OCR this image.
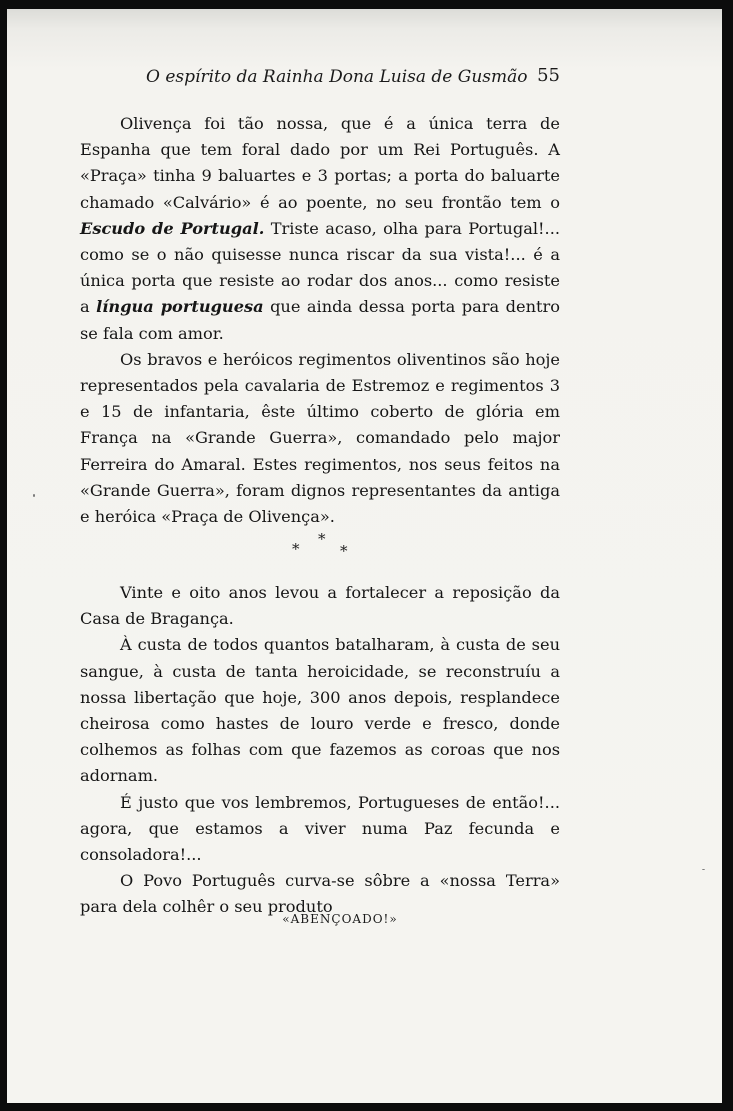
O espírito da Rainha Dona Luisa de Gusmão 55

Olivença foi tão nossa, que é a única terra de Espanha que tem foral dado por um Rei Português. A «Praça» tinha 9 baluartes e 3 portas; a porta do baluarte chamado «Calvário» é ao poente, no seu frontão tem o Escudo de Portugal. Triste acaso, olha para Portugal!... como se o não quisesse nunca riscar da sua vista!... é a única porta que resiste ao rodar dos anos... como resiste a língua portuguesa que ainda dessa porta para dentro se fala com amor.

Os bravos e heróicos regimentos oliventinos são hoje representados pela cavalaria de Estremoz e regimentos 3 e 15 de infantaria, êste último coberto de glória em França na «Grande Guerra», comandado pelo major Ferreira do Amaral. Estes regimentos, nos seus feitos na «Grande Guerra», foram dignos representantes da antiga e heróica «Praça de Olivença».

*
*
*

Vinte e oito anos levou a fortalecer a reposição da Casa de Bragança.

À custa de todos quantos batalharam, à custa de seu sangue, à custa de tanta heroicidade, se reconstruíu a nossa libertação que hoje, 300 anos depois, resplandece cheirosa como hastes de louro verde e fresco, donde colhemos as folhas com que fazemos as coroas que nos adornam.

É justo que vos lembremos, Portugueses de então!... agora, que estamos a viver numa Paz fecunda e consoladora!...

O Povo Português curva-se sôbre a «nossa Terra» para dela colhêr o seu produto

«ABENÇOADO!»
